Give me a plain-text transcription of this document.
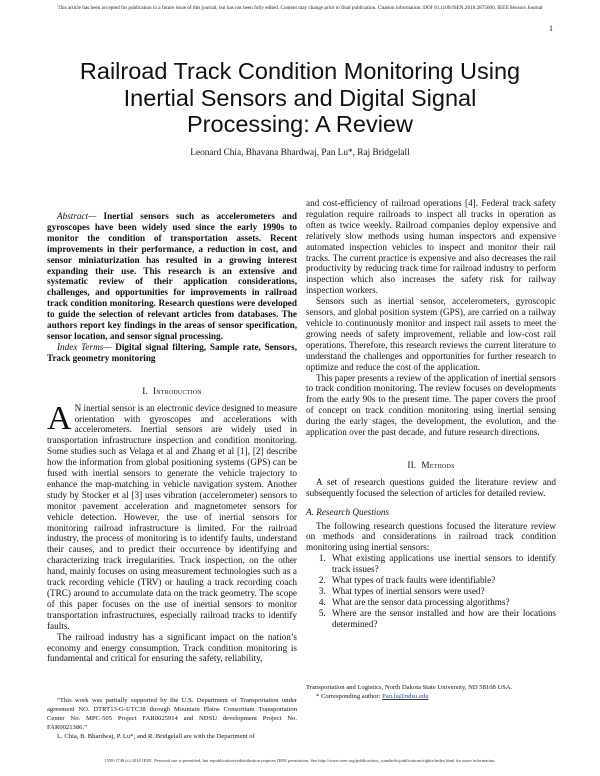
This article has been accepted for publication in a future issue of this journal, but has not been fully edited. Content may change prior to final publication. Citation information: DOI 10.1109/JSEN.2018.2875600, IEEE Sensors Journal
1
Railroad Track Condition Monitoring Using Inertial Sensors and Digital Signal Processing: A Review
Leonard Chia, Bhavana Bhardwaj, Pan Lu*, Raj Bridgelall

Abstract— Inertial sensors such as accelerometers and gyroscopes have been widely used since the early 1990s to monitor the condition of transportation assets. Recent improvements in their performance, a reduction in cost, and sensor miniaturization has resulted in a growing interest expanding their use. This research is an extensive and systematic review of their application considerations, challenges, and opportunities for improvements in railroad track condition monitoring. Research questions were developed to guide the selection of relevant articles from databases. The authors report key findings in the areas of sensor specification, sensor location, and sensor signal processing.

Index Terms— Digital signal filtering, Sample rate, Sensors, Track geometry monitoring

I. Introduction

A N inertial sensor is an electronic device designed to measure orientation with gyroscopes and accelerations with accelerometers. Inertial sensors are widely used in transportation infrastructure inspection and condition monitoring. Some studies such as Velaga et al and Zhang et al [1], [2] describe how the information from global positioning systems (GPS) can be fused with inertial sensors to generate the vehicle trajectory to enhance the map-matching in vehicle navigation system. Another study by Stocker et al [3] uses vibration (accelerometer) sensors to monitor pavement acceleration and magnetometer sensors for vehicle detection. However, the use of inertial sensors for monitoring railroad infrastructure is limited. For the railroad industry, the process of monitoring is to identify faults, understand their causes, and to predict their occurrence by identifying and characterizing track irregularities. Track inspection, on the other hand, mainly focuses on using measurement technologies such as a track recording vehicle (TRV) or hauling a track recording coach (TRC) around to accumulate data on the track geometry. The scope of this paper focuses on the use of inertial sensors to monitor transportation infrastructures, especially railroad tracks to identify faults.

The railroad industry has a significant impact on the nation’s economy and energy consumption. Track condition monitoring is fundamental and critical for ensuring the safety, reliability,

and cost-efficiency of railroad operations [4]. Federal track safety regulation require railroads to inspect all tracks in operation as often as twice weekly. Railroad companies deploy expensive and relatively slow methods using human inspectors and expensive automated inspection vehicles to inspect and monitor their rail tracks. The current practice is expensive and also decreases the rail productivity by reducing track time for railroad industry to perform inspection which also increases the safety risk for railway inspection workers.

Sensors such as inertial sensor, accelerometers, gyroscopic sensors, and global position system (GPS), are carried on a railway vehicle to continuously monitor and inspect rail assets to meet the growing needs of safety improvement, reliable and low-cost rail operations. Therefore, this research reviews the current literature to understand the challenges and opportunities for further research to optimize and reduce the cost of the application.

This paper presents a review of the application of inertial sensors to track condition monitoring. The review focuses on developments from the early 90s to the present time. The paper covers the proof of concept on track condition monitoring using inertial sensing during the early stages, the development, the evolution, and the application over the past decade, and future research directions.

II. Methods

A set of research questions guided the literature review and subsequently focused the selection of articles for detailed review.

A. Research Questions

The following research questions focused the literature review on methods and considerations in railroad track condition monitoring using inertial sensors:

1. What existing applications use inertial sensors to identify track issues?
2. What types of track faults were identifiable?
3. What types of inertial sensors were used?
4. What are the sensor data processing algorithms?
5. Where are the sensor installed and how are their locations determined?

“This work was partially supported by the U.S. Department of Transportation under agreement NO. DTRT13-G-UTC38 through Mountain Plains Consortium Transportation Center No. MPC-505 Project FAR0025914 and NDSU development Project No. FAR0021386.”

L. Chia, B. Bhardwaj, P. Lu*, and R. Bridgelall are with the Department of

Transportation and Logistics, North Dakota State University, ND 58108 USA.

* Corresponding author: Pan.lu@ndsu.edu

1558-1748 (c) 2018 IEEE. Personal use is permitted, but republication/redistribution requires IEEE permission. See http://www.ieee.org/publications_standards/publications/rights/index.html for more information.
